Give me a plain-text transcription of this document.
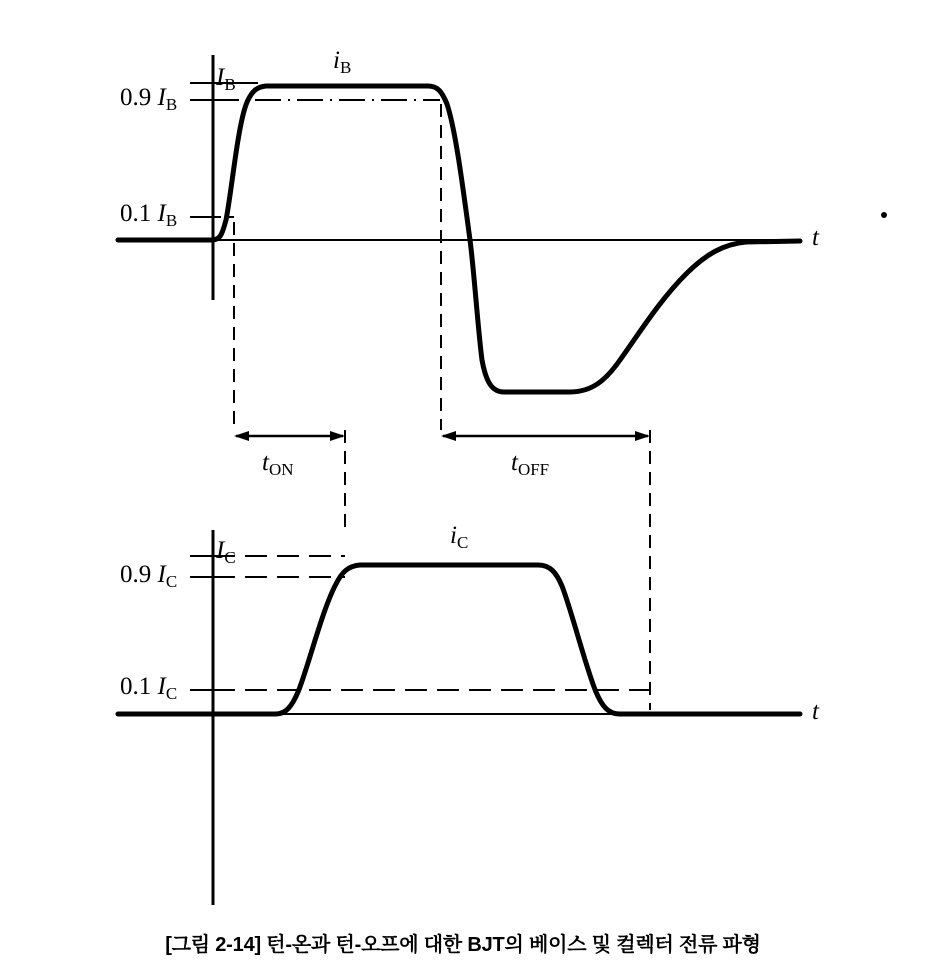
$I_B$
0.9 IB
0.1 IB
$i_B$
t
$t_{ON}$	$t_{OFF}$
$I_C$
0.9 IC
0.1 IC
$i_C$
t
[그림 2-14] 턴-온과 턴-오프에 대한 BJT의 베이스 및 컬렉터 전류 파형
